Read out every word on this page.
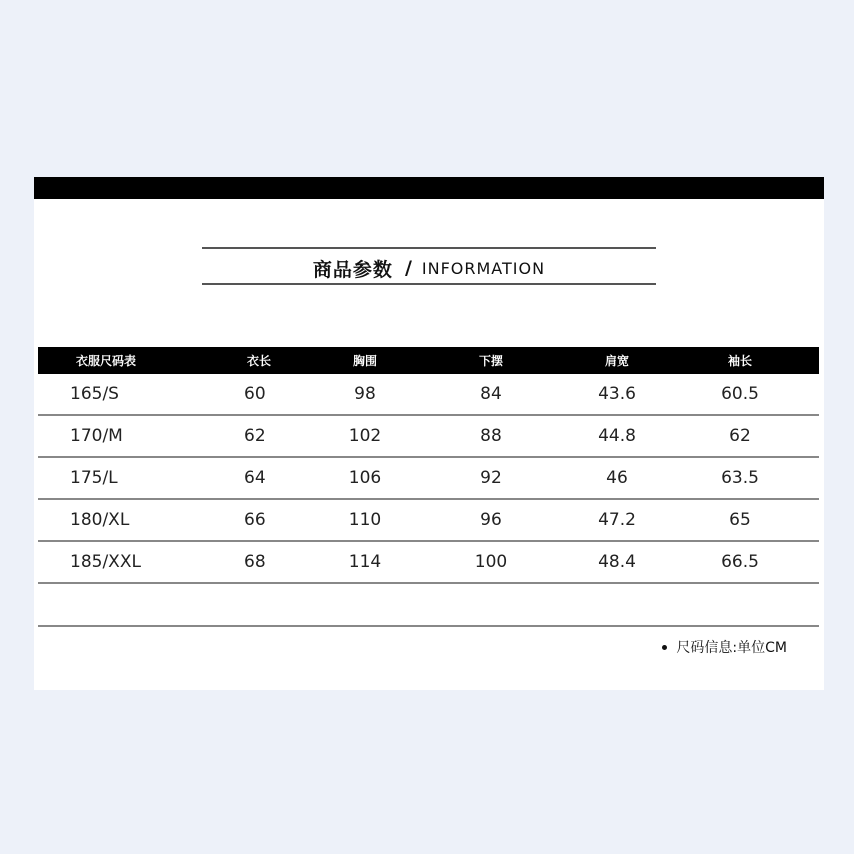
商品参数 / INFORMATION
衣服尺码表	衣长	胸围	下摆	肩宽	袖长
165/S	60	98	84	43.6	60.5
170/M	62	102	88	44.8	62
175/L	64	106	92	46	63.5
180/XL	66	110	96	47.2	65
185/XXL	68	114	100	48.4	66.5
尺码信息:单位CM
